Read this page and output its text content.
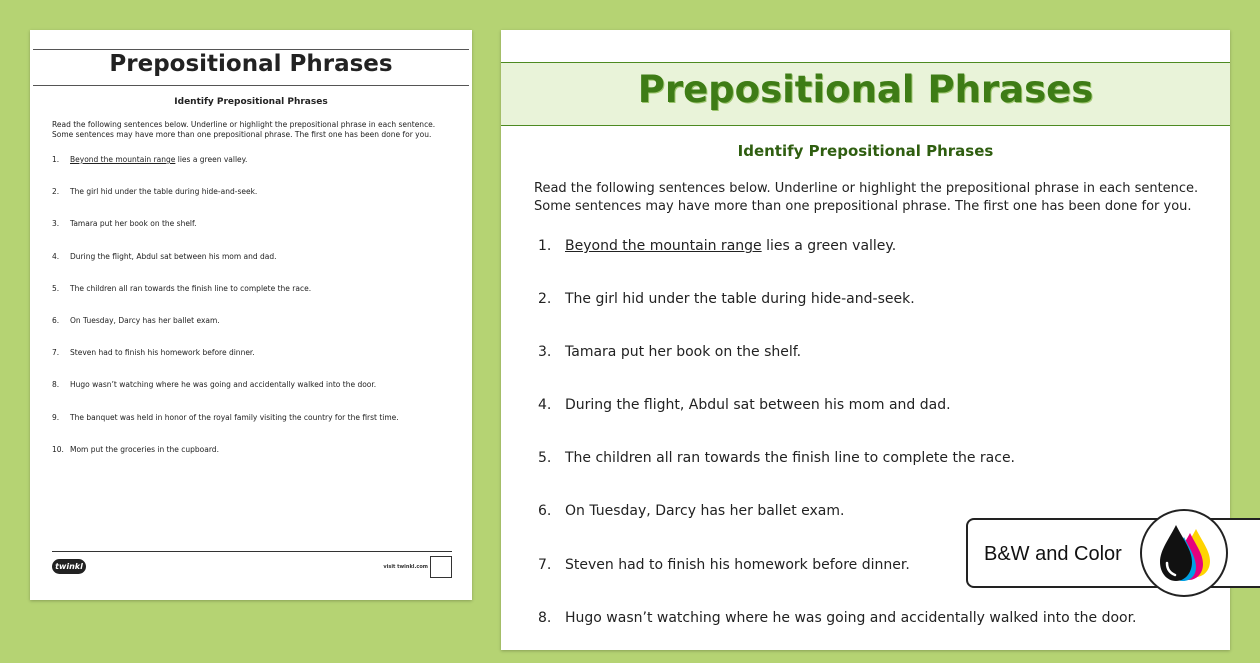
Prepositional Phrases
Identify Prepositional Phrases
Read the following sentences below. Underline or highlight the prepositional phrase in each sentence. Some sentences may have more than one prepositional phrase. The first one has been done for you.
1. Beyond the mountain range lies a green valley.
2. The girl hid under the table during hide-and-seek.
3. Tamara put her book on the shelf.
4. During the flight, Abdul sat between his mom and dad.
5. The children all ran towards the finish line to complete the race.
6. On Tuesday, Darcy has her ballet exam.
7. Steven had to finish his homework before dinner.
8. Hugo wasn’t watching where he was going and accidentally walked into the door.
9. The banquet was held in honor of the royal family visiting the country for the first time.
10. Mom put the groceries in the cupboard.
twinkl	visit twinkl.com
Prepositional Phrases
Identify Prepositional Phrases
Read the following sentences below. Underline or highlight the prepositional phrase in each sentence. Some sentences may have more than one prepositional phrase. The first one has been done for you.
1. Beyond the mountain range lies a green valley.
2. The girl hid under the table during hide-and-seek.
3. Tamara put her book on the shelf.
4. During the flight, Abdul sat between his mom and dad.
5. The children all ran towards the finish line to complete the race.
6. On Tuesday, Darcy has her ballet exam.
7. Steven had to finish his homework before dinner.
8. Hugo wasn’t watching where he was going and accidentally walked into the door.
B&W and Color
